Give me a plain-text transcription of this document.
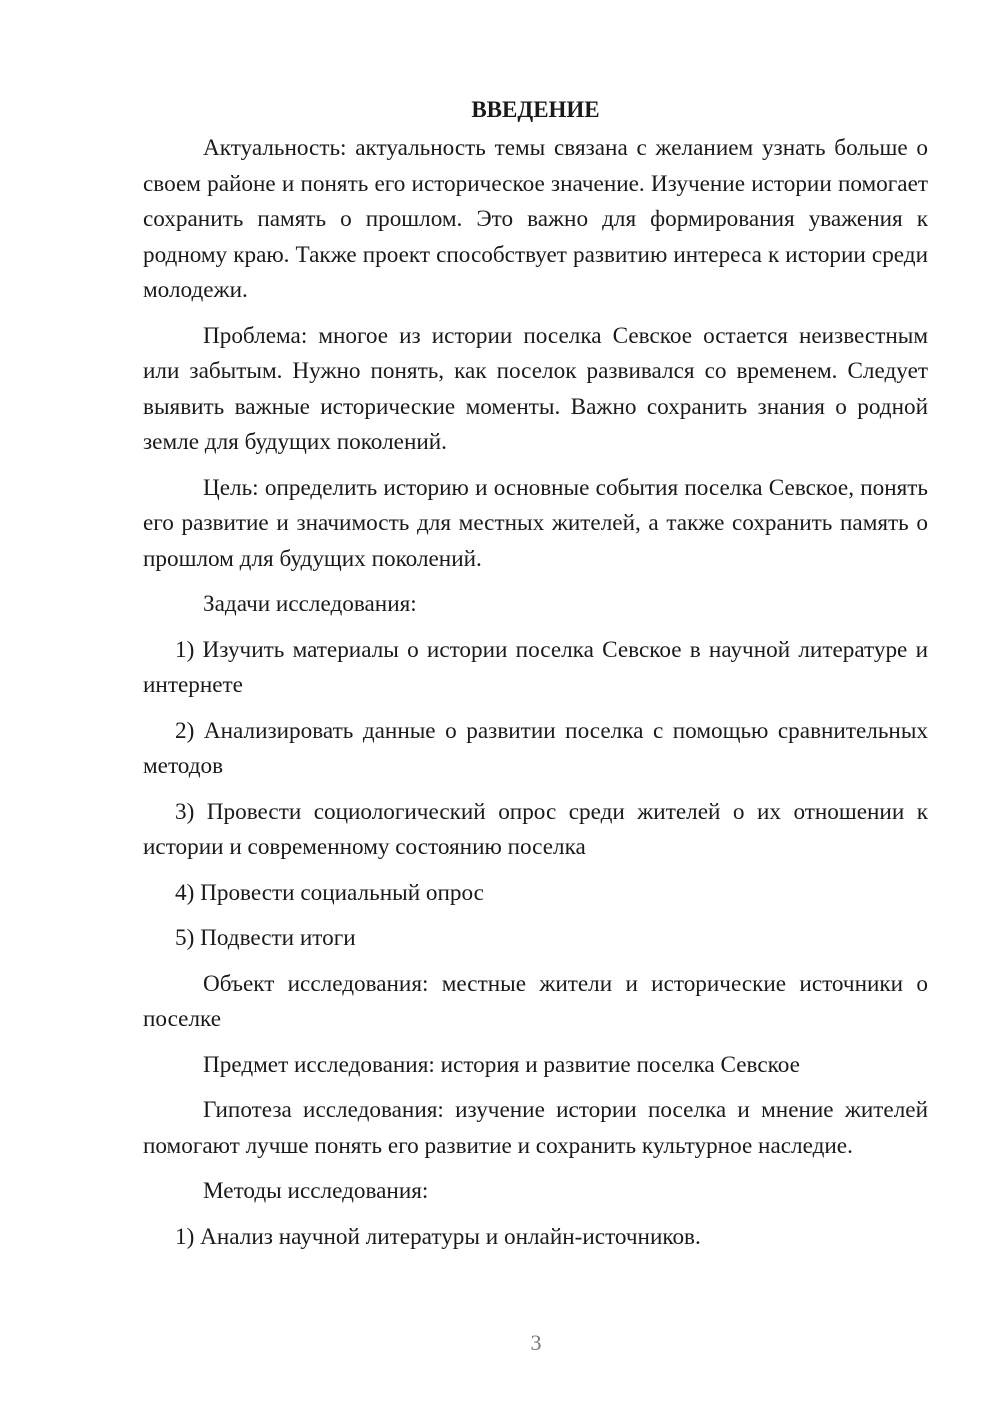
ВВЕДЕНИЕ

Актуальность: актуальность темы связана с желанием узнать больше о своем районе и понять его историческое значение. Изучение истории помогает сохранить память о прошлом. Это важно для формирования уважения к родному краю. Также проект способствует развитию интереса к истории среди молодежи.

Проблема: многое из истории поселка Севское остается неизвестным или забытым. Нужно понять, как поселок развивался со временем. Следует выявить важные исторические моменты. Важно сохранить знания о родной земле для будущих поколений.

Цель: определить историю и основные события поселка Севское, понять его развитие и значимость для местных жителей, а также сохранить память о прошлом для будущих поколений.

Задачи исследования:

1) Изучить материалы о истории поселка Севское в научной литературе и интернете

2) Анализировать данные о развитии поселка с помощью сравнительных методов

3) Провести социологический опрос среди жителей о их отношении к истории и современному состоянию поселка

4) Провести социальный опрос

5) Подвести итоги

Объект исследования: местные жители и исторические источники о поселке

Предмет исследования: история и развитие поселка Севское

Гипотеза исследования: изучение истории поселка и мнение жителей помогают лучше понять его развитие и сохранить культурное наследие.

Методы исследования:

1) Анализ научной литературы и онлайн-источников.

3
